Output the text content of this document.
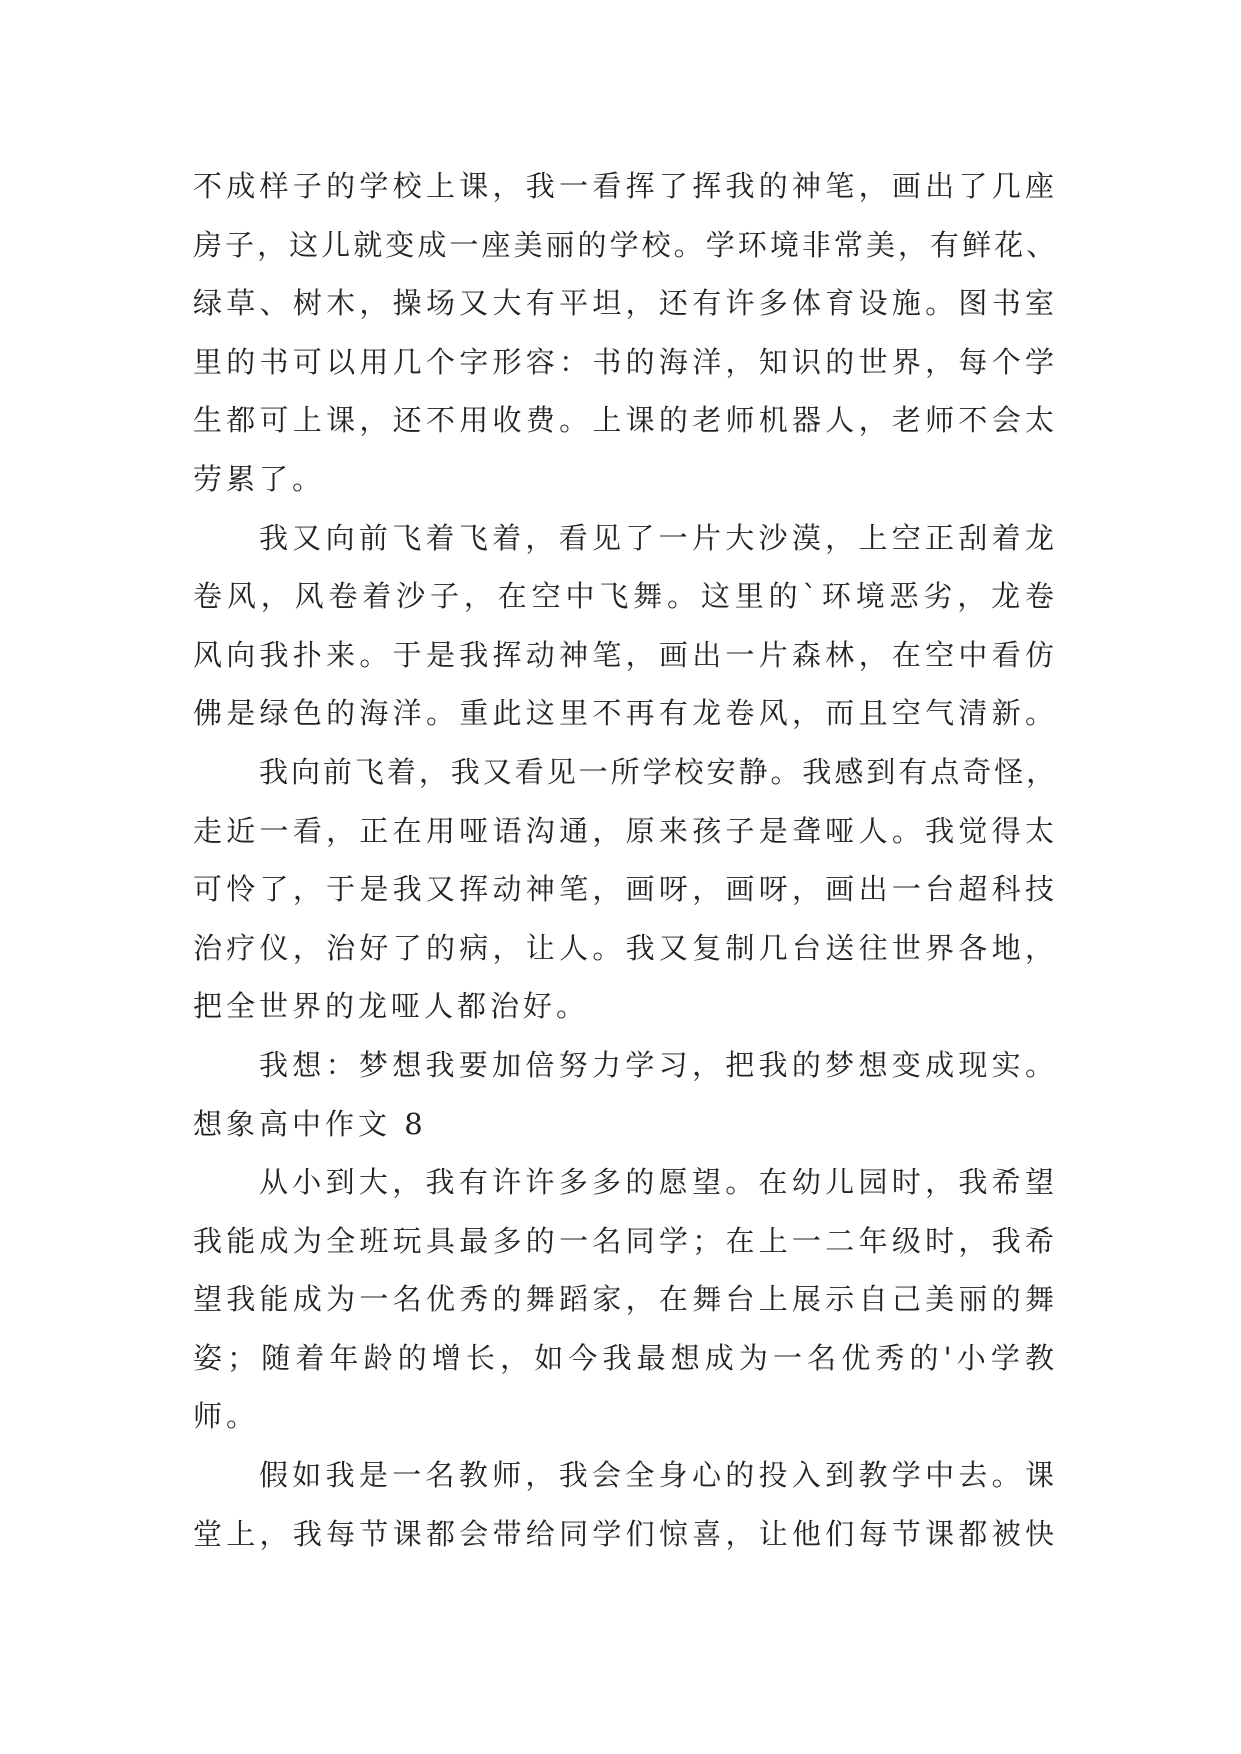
不成样子的学校上课，我一看挥了挥我的神笔，画出了几座
房子，这儿就变成一座美丽的学校。学环境非常美，有鲜花、
绿草、树木，操场又大有平坦，还有许多体育设施。图书室
里的书可以用几个字形容：书的海洋，知识的世界，每个学
生都可上课，还不用收费。上课的老师机器人，老师不会太
劳累了。
我又向前飞着飞着，看见了一片大沙漠，上空正刮着龙
卷风，风卷着沙子，在空中飞舞。这里的`环境恶劣，龙卷
风向我扑来。于是我挥动神笔，画出一片森林，在空中看仿
佛是绿色的海洋。重此这里不再有龙卷风，而且空气清新。
我向前飞着，我又看见一所学校安静。我感到有点奇怪，
走近一看，正在用哑语沟通，原来孩子是聋哑人。我觉得太
可怜了，于是我又挥动神笔，画呀，画呀，画出一台超科技
治疗仪，治好了的病，让人。我又复制几台送往世界各地，
把全世界的龙哑人都治好。
我想：梦想我要加倍努力学习，把我的梦想变成现实。
想象高中作文 8
从小到大，我有许许多多的愿望。在幼儿园时，我希望
我能成为全班玩具最多的一名同学；在上一二年级时，我希
望我能成为一名优秀的舞蹈家，在舞台上展示自己美丽的舞
姿；随着年龄的增长，如今我最想成为一名优秀的'小学教
师。
假如我是一名教师，我会全身心的投入到教学中去。课
堂上，我每节课都会带给同学们惊喜，让他们每节课都被快
